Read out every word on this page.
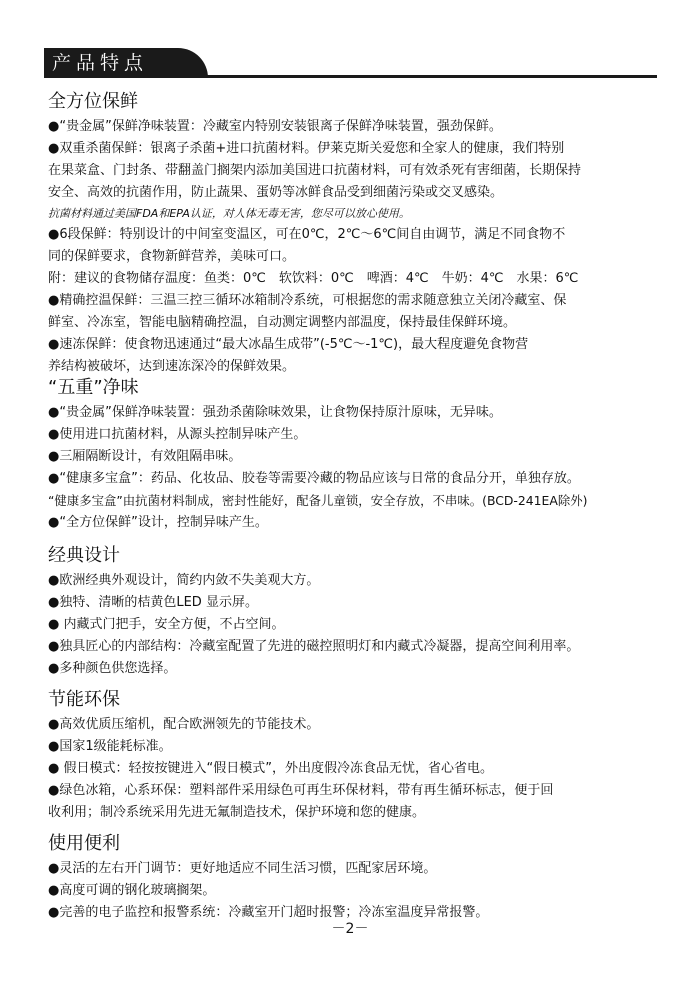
产品特点
全方位保鲜

●“贵金属”保鲜净味装置：冷藏室内特别安装银离子保鲜净味装置，强劲保鲜。

●双重杀菌保鲜：银离子杀菌+进口抗菌材料。伊莱克斯关爱您和全家人的健康，我们特别

在果菜盒、门封条、带翻盖门搁架内添加美国进口抗菌材料，可有效杀死有害细菌，长期保持

安全、高效的抗菌作用，防止蔬果、蛋奶等冰鲜食品受到细菌污染或交叉感染。

抗菌材料通过美国FDA和EPA认证，对人体无毒无害，您尽可以放心使用。

●6段保鲜：特别设计的中间室变温区，可在0℃，2℃～6℃间自由调节，满足不同食物不

同的保鲜要求，食物新鲜营养，美味可口。

附：建议的食物储存温度：鱼类：0℃　软饮料：0℃　啤酒：4℃　牛奶：4℃　水果：6℃

●精确控温保鲜：三温三控三循环冰箱制冷系统，可根据您的需求随意独立关闭冷藏室、保

鲜室、冷冻室，智能电脑精确控温，自动测定调整内部温度，保持最佳保鲜环境。

●速冻保鲜：使食物迅速通过“最大冰晶生成带”(-5℃～-1℃)，最大程度避免食物营

养结构被破坏，达到速冻深冷的保鲜效果。

“五重”净味

●“贵金属”保鲜净味装置：强劲杀菌除味效果，让食物保持原汁原味，无异味。

●使用进口抗菌材料，从源头控制异味产生。

●三厢隔断设计，有效阻隔串味。

●“健康多宝盒”：药品、化妆品、胶卷等需要冷藏的物品应该与日常的食品分开，单独存放。

“健康多宝盒”由抗菌材料制成，密封性能好，配备儿童锁，安全存放，不串味。(BCD-241EA除外)

●“全方位保鲜”设计，控制异味产生。

经典设计

●欧洲经典外观设计，简约内敛不失美观大方。

●独特、清晰的桔黄色LED 显示屏。

● 内藏式门把手，安全方便，不占空间。

●独具匠心的内部结构：冷藏室配置了先进的磁控照明灯和内藏式冷凝器，提高空间利用率。

●多种颜色供您选择。

节能环保

●高效优质压缩机，配合欧洲领先的节能技术。

●国家1级能耗标准。

● 假日模式：轻按按键进入“假日模式”，外出度假冷冻食品无忧，省心省电。

●绿色冰箱，心系环保：塑料部件采用绿色可再生环保材料，带有再生循环标志，便于回

收利用；制冷系统采用先进无氟制造技术，保护环境和您的健康。

使用便利

●灵活的左右开门调节：更好地适应不同生活习惯，匹配家居环境。

●高度可调的钢化玻璃搁架。

●完善的电子监控和报警系统：冷藏室开门超时报警；冷冻室温度异常报警。

－2－
